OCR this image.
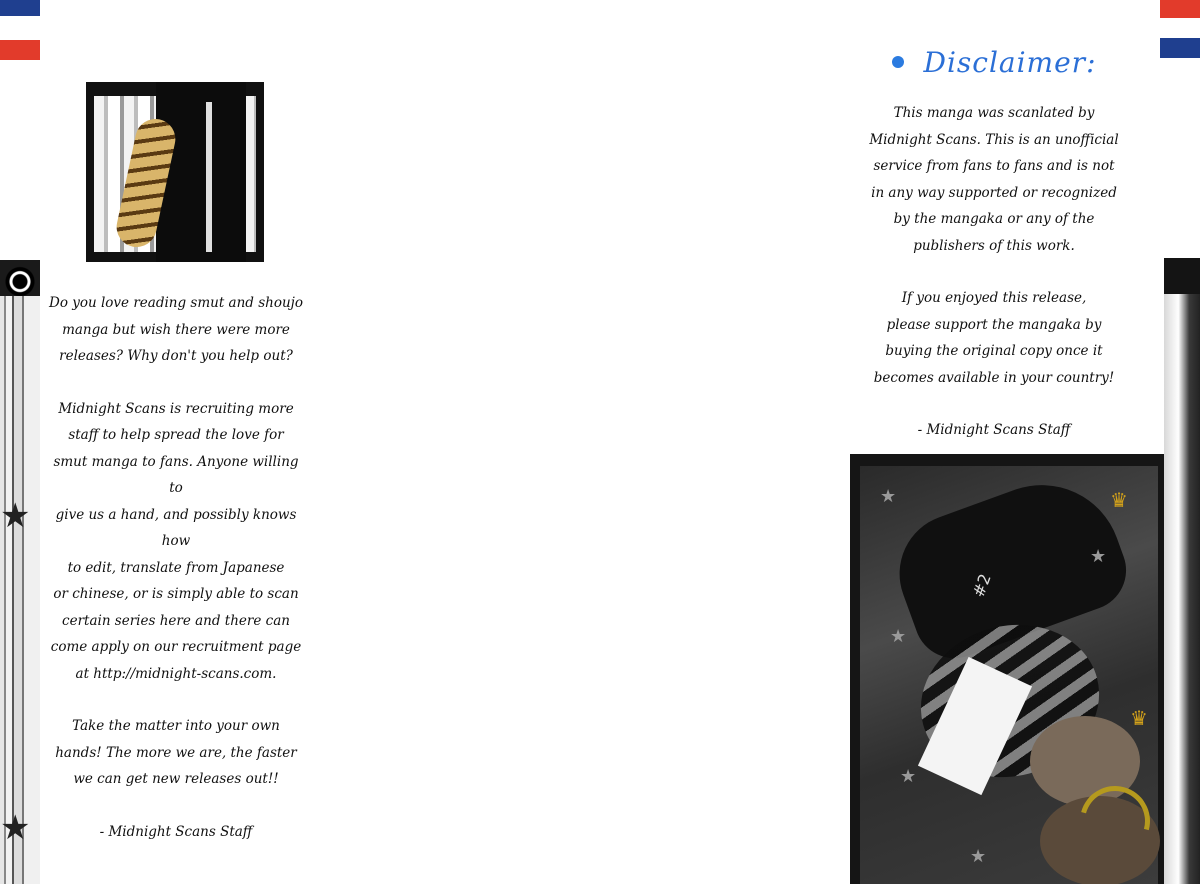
★
★

Do you love reading smut and shoujo
manga but wish there were more
releases? Why don't you help out?

Midnight Scans is recruiting more
staff to help spread the love for
smut manga to fans. Anyone willing to
give us a hand, and possibly knows how
to edit, translate from Japanese
or chinese, or is simply able to scan
certain series here and there can
come apply on our recruitment page
at http://midnight-scans.com.

Take the matter into your own
hands! The more we are, the faster
we can get new releases out!!

- Midnight Scans Staff

Disclaimer:

This manga was scanlated by
Midnight Scans. This is an unofficial
service from fans to fans and is not
in any way supported or recognized
by the mangaka or any of the
publishers of this work.

If you enjoyed this release,
please support the mangaka by
buying the original copy once it
becomes available in your country!

- Midnight Scans Staff

♛
♛
★
★
★
★
★
#2
